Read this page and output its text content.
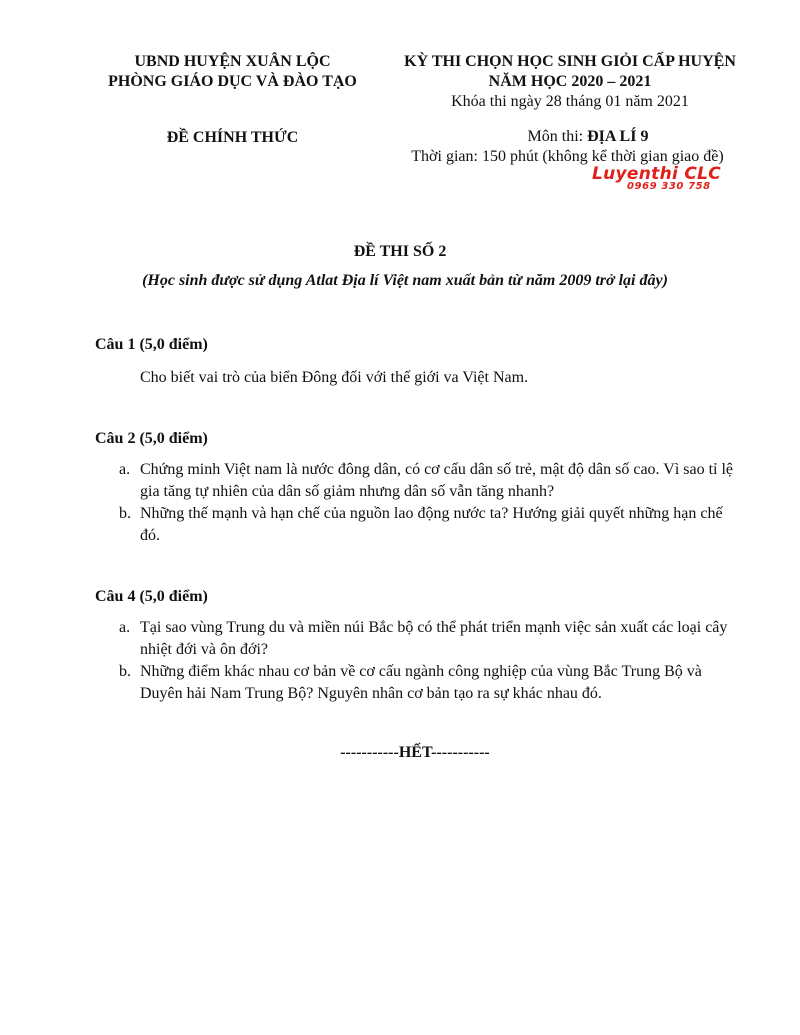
UBND HUYỆN XUÂN LỘC
PHÒNG GIÁO DỤC VÀ ĐÀO TẠO
ĐỀ CHÍNH THỨC
KỲ THI CHỌN HỌC SINH GIỎI CẤP HUYỆN
NĂM HỌC 2020 – 2021
Khóa thi ngày 28 tháng 01 năm 2021
Môn thi: ĐỊA LÍ 9
Thời gian: 150 phút (không kể thời gian giao đề)
Luyenthi CLC
0969 330 758
ĐỀ THI SỐ 2
(Học sinh được sử dụng Atlat Địa lí Việt nam xuất bản từ năm 2009 trở lại đây)
Câu 1 (5,0 điểm)
Cho biết vai trò của biển Đông đối với thế giới va Việt Nam.
Câu 2 (5,0 điểm)
a. Chứng minh Việt nam là nước đông dân, có cơ cấu dân số trẻ, mật độ dân số cao. Vì sao tỉ lệ gia tăng tự nhiên của dân số giảm nhưng dân số vẫn tăng nhanh?
b. Những thế mạnh và hạn chế của nguồn lao động nước ta? Hướng giải quyết những hạn chế đó.
Câu 4 (5,0 điểm)
a. Tại sao vùng Trung du và miền núi Bắc bộ có thể phát triển mạnh việc sản xuất các loại cây nhiệt đới và ôn đới?
b. Những điểm khác nhau cơ bản về cơ cấu ngành công nghiệp của vùng Bắc Trung Bộ và Duyên hải Nam Trung Bộ? Nguyên nhân cơ bản tạo ra sự khác nhau đó.
-----------HẾT-----------
